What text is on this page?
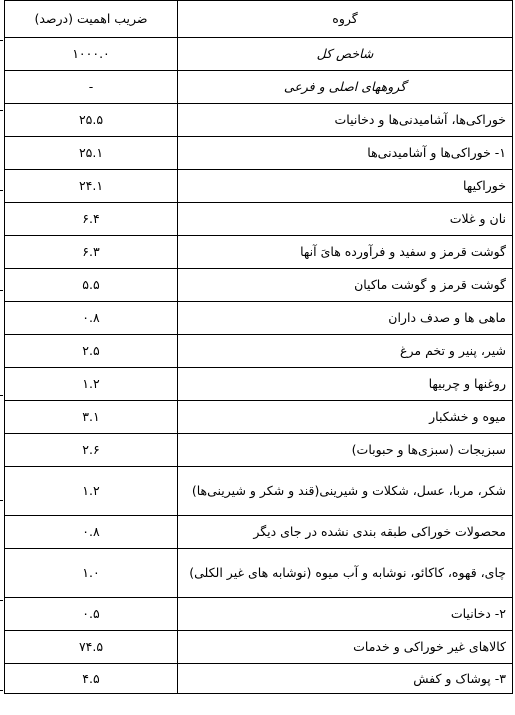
گروه	ضریب اهمیت (درصد)
شاخص کل	۱۰۰۰.۰
گروههای اصلی و فرعی	-
خوراکی‌ها، آشامیدنی‌ها و دخانیات	۲۵.۵
۱- خوراکی‌ها و آشامیدنی‌ها	۲۵.۱
خوراکیها	۲۴.۱
نان و غلات	۶.۴
گوشت قرمز و سفید و فرآورده هایَ آنها	۶.۳
گوشت قرمز و گوشت ماکیان	۵.۵
ماهی ها و صدف داران	۰.۸
شیر، پنیر و تخم مرغ	۲.۵
روغنها و چربیها	۱.۲
میوه و خشکبار	۳.۱
سبزیجات (سبزی‌ها و حبوبات)	۲.۶
شکر، مربا، عسل، شکلات و شیرینی(قند و شکر و شیرینی‌ها)	۱.۲
محصولات خوراکی طبقه بندی نشده در جای دیگر	۰.۸
چای، قهوه، کاکائو، نوشابه و آب میوه (نوشابه های غیر الکلی)	۱.۰
۲- دخانیات	۰.۵
کالاهای غیر خوراکی و خدمات	۷۴.۵
۳- پوشاک و کفش	۴.۵
